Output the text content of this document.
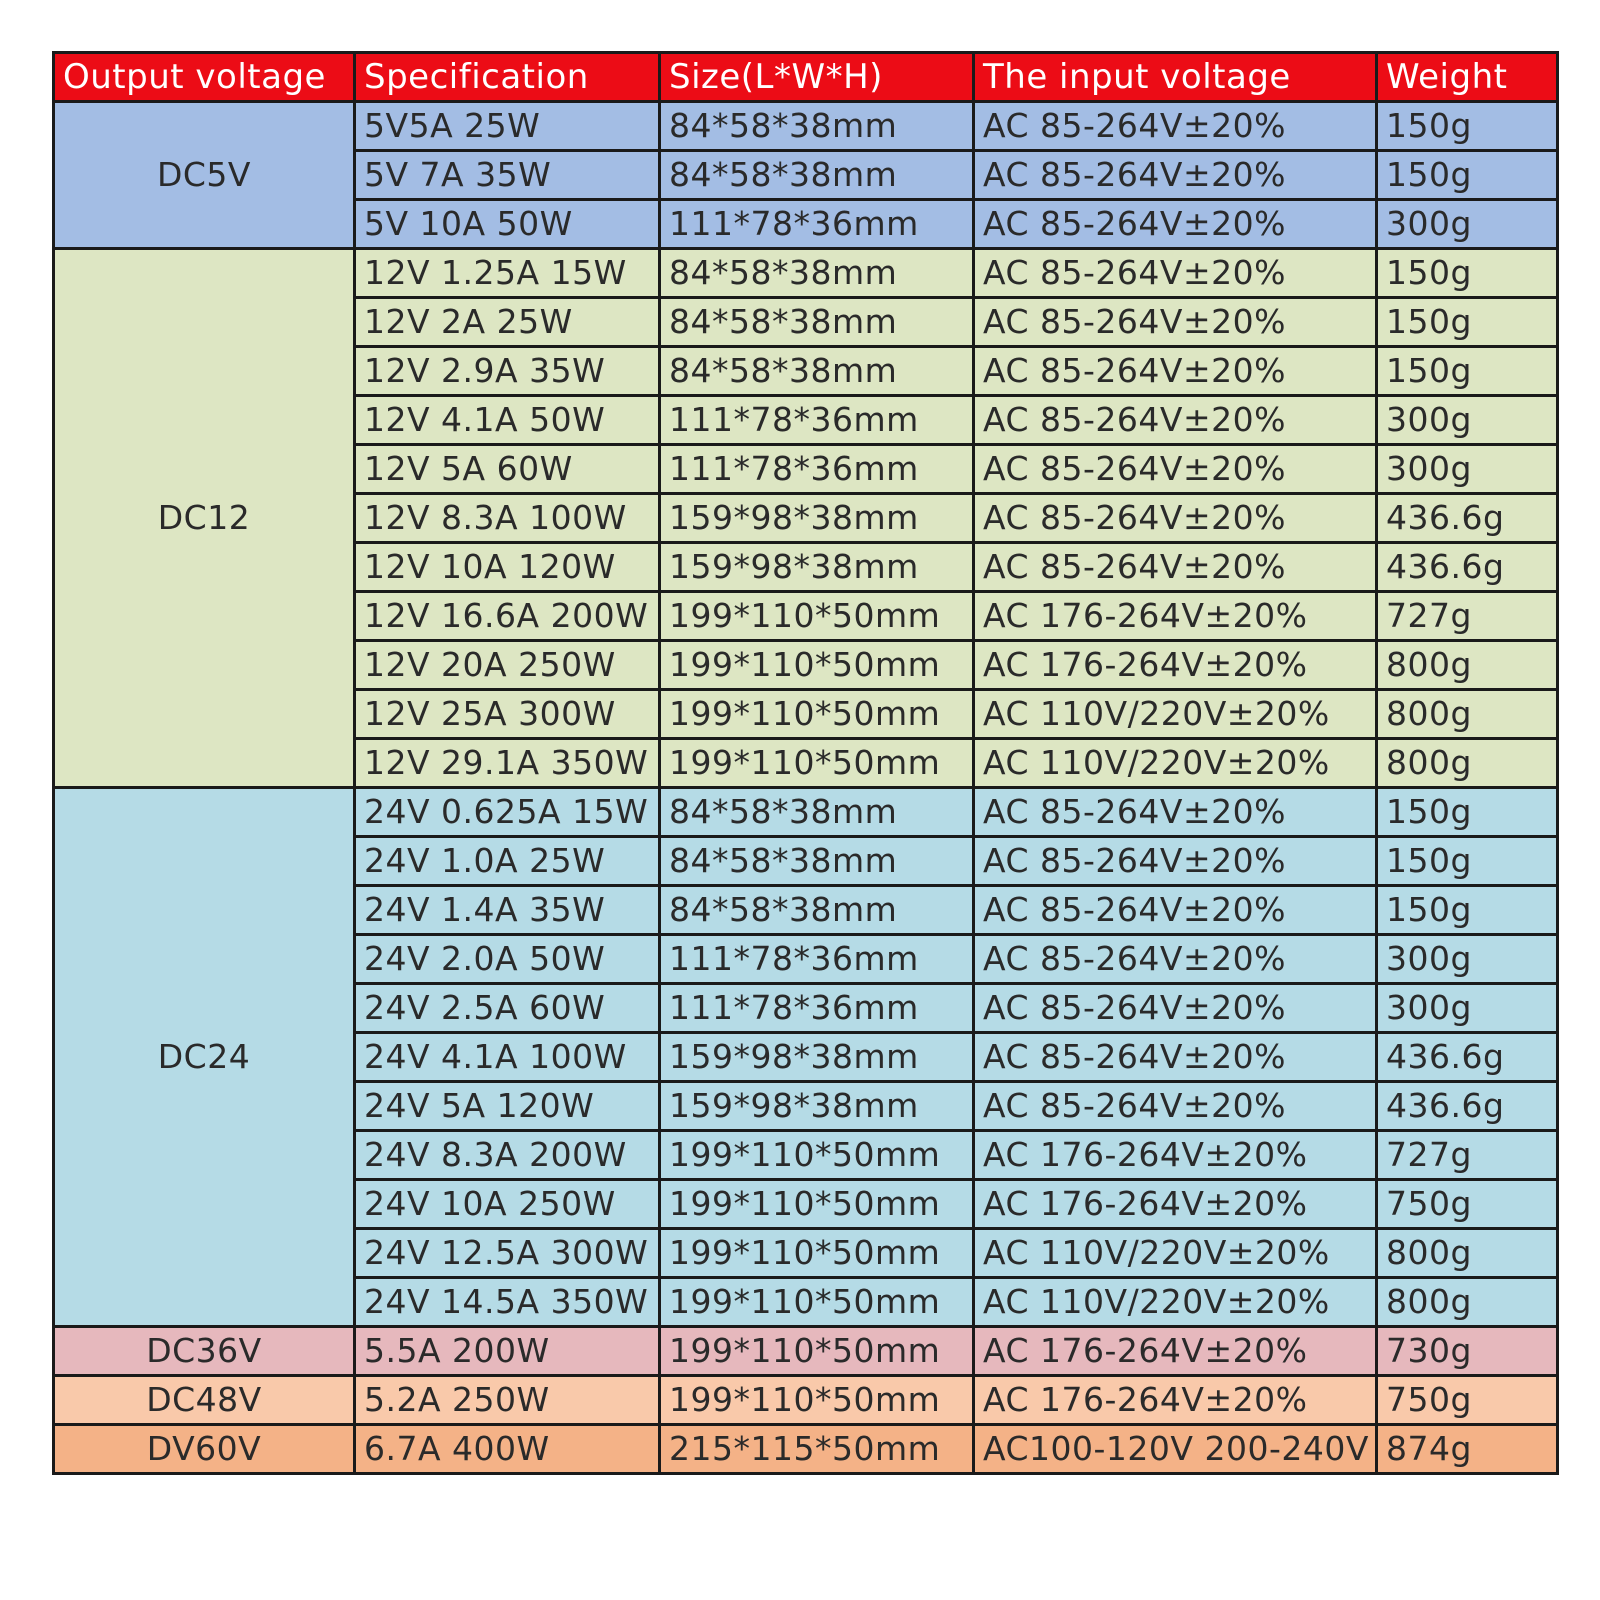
Output voltage	Specification	Size(L*W*H)	The input voltage	Weight
DC5V	5V5A 25W	84*58*38mm	AC 85-264V±20%	150g
	5V 7A 35W	84*58*38mm	AC 85-264V±20%	150g
	5V 10A 50W	111*78*36mm	AC 85-264V±20%	300g
DC12	12V 1.25A 15W	84*58*38mm	AC 85-264V±20%	150g
	12V 2A 25W	84*58*38mm	AC 85-264V±20%	150g
	12V 2.9A 35W	84*58*38mm	AC 85-264V±20%	150g
	12V 4.1A 50W	111*78*36mm	AC 85-264V±20%	300g
	12V 5A 60W	111*78*36mm	AC 85-264V±20%	300g
	12V 8.3A 100W	159*98*38mm	AC 85-264V±20%	436.6g
	12V 10A 120W	159*98*38mm	AC 85-264V±20%	436.6g
	12V 16.6A 200W	199*110*50mm	AC 176-264V±20%	727g
	12V 20A 250W	199*110*50mm	AC 176-264V±20%	800g
	12V 25A 300W	199*110*50mm	AC 110V/220V±20%	800g
	12V 29.1A 350W	199*110*50mm	AC 110V/220V±20%	800g
DC24	24V 0.625A 15W	84*58*38mm	AC 85-264V±20%	150g
	24V 1.0A 25W	84*58*38mm	AC 85-264V±20%	150g
	24V 1.4A 35W	84*58*38mm	AC 85-264V±20%	150g
	24V 2.0A 50W	111*78*36mm	AC 85-264V±20%	300g
	24V 2.5A 60W	111*78*36mm	AC 85-264V±20%	300g
	24V 4.1A 100W	159*98*38mm	AC 85-264V±20%	436.6g
	24V 5A 120W	159*98*38mm	AC 85-264V±20%	436.6g
	24V 8.3A 200W	199*110*50mm	AC 176-264V±20%	727g
	24V 10A 250W	199*110*50mm	AC 176-264V±20%	750g
	24V 12.5A 300W	199*110*50mm	AC 110V/220V±20%	800g
	24V 14.5A 350W	199*110*50mm	AC 110V/220V±20%	800g
DC36V	5.5A 200W	199*110*50mm	AC 176-264V±20%	730g
DC48V	5.2A 250W	199*110*50mm	AC 176-264V±20%	750g
DV60V	6.7A 400W	215*115*50mm	AC100-120V 200-240V	874g
